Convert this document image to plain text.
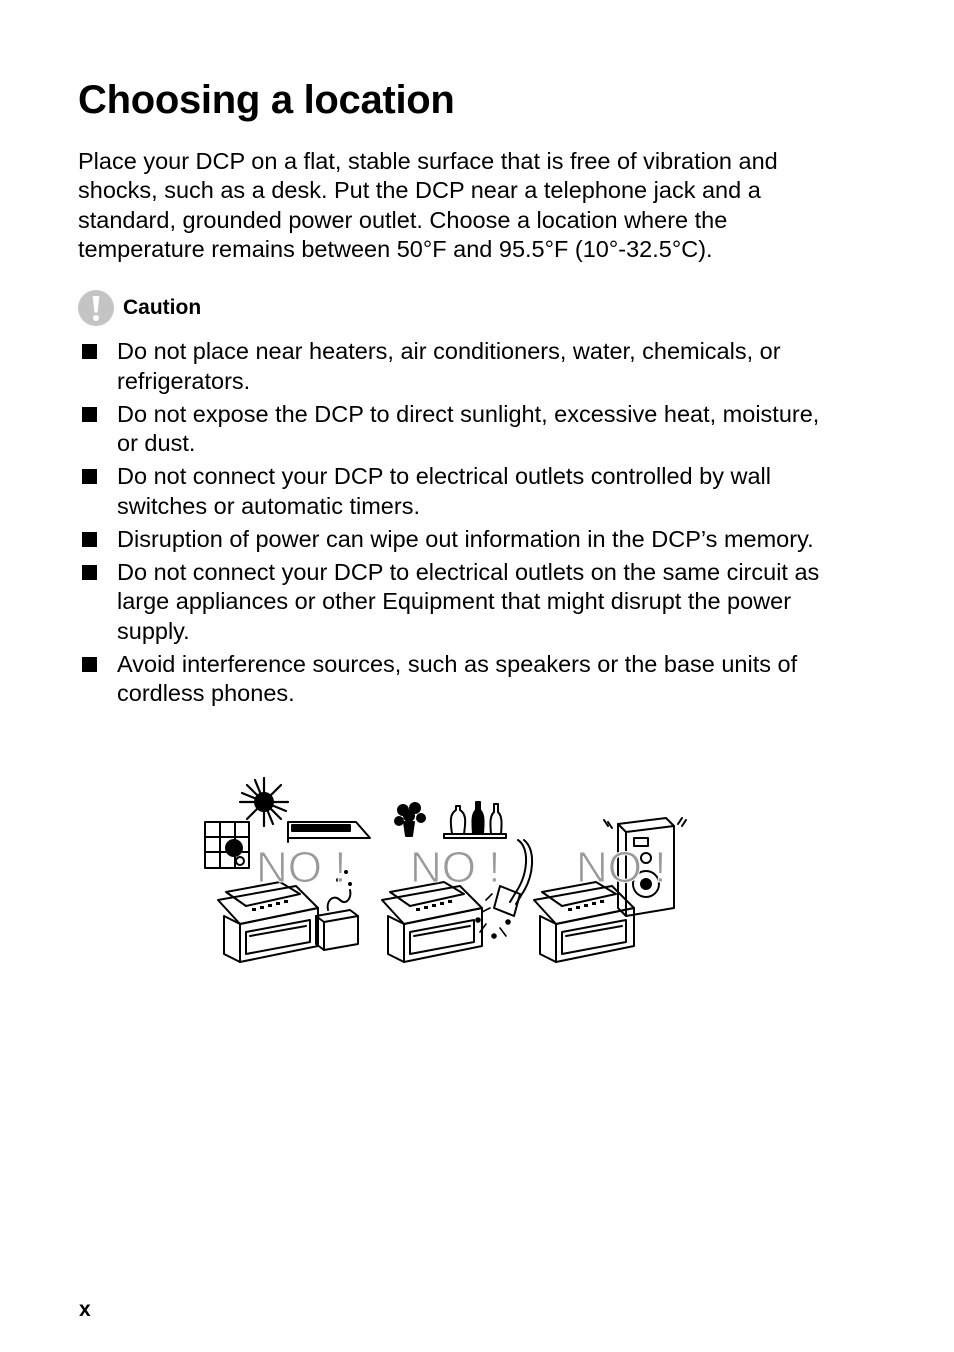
Choosing a location

Place your DCP on a flat, stable surface that is free of vibration and shocks, such as a desk. Put the DCP near a telephone jack and a standard, grounded power outlet. Choose a location where the temperature remains between 50°F and 95.5°F (10°-32.5°C).

Caution
Do not place near heaters, air conditioners, water, chemicals, or refrigerators.
Do not expose the DCP to direct sunlight, excessive heat, moisture, or dust.
Do not connect your DCP to electrical outlets controlled by wall switches or automatic timers.
Disruption of power can wipe out information in the DCP’s memory.
Do not connect your DCP to electrical outlets on the same circuit as large appliances or other Equipment that might disrupt the power supply.
Avoid interference sources, such as speakers or the base units of cordless phones.
NO ! NO ! NO !
x
